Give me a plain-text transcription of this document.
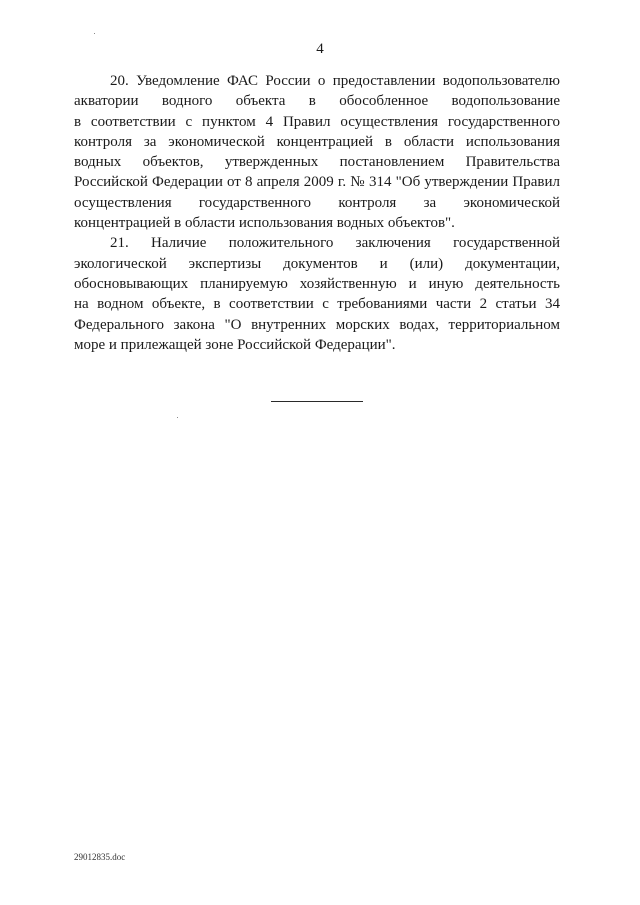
4
20. Уведомление ФАС России о предоставлении водопользователю
акватории водного объекта в обособленное водопользование
в соответствии с пунктом 4 Правил осуществления государственного
контроля за экономической концентрацией в области использования
водных объектов, утвержденных постановлением Правительства
Российской Федерации от 8 апреля 2009 г. № 314 "Об утверждении Правил
осуществления государственного контроля за экономической
концентрацией в области использования водных объектов".
21. Наличие положительного заключения государственной
экологической экспертизы документов и (или) документации,
обосновывающих планируемую хозяйственную и иную деятельность
на водном объекте, в соответствии с требованиями части 2 статьи 34
Федерального закона "О внутренних морских водах, территориальном
море и прилежащей зоне Российской Федерации".
29012835.doc
